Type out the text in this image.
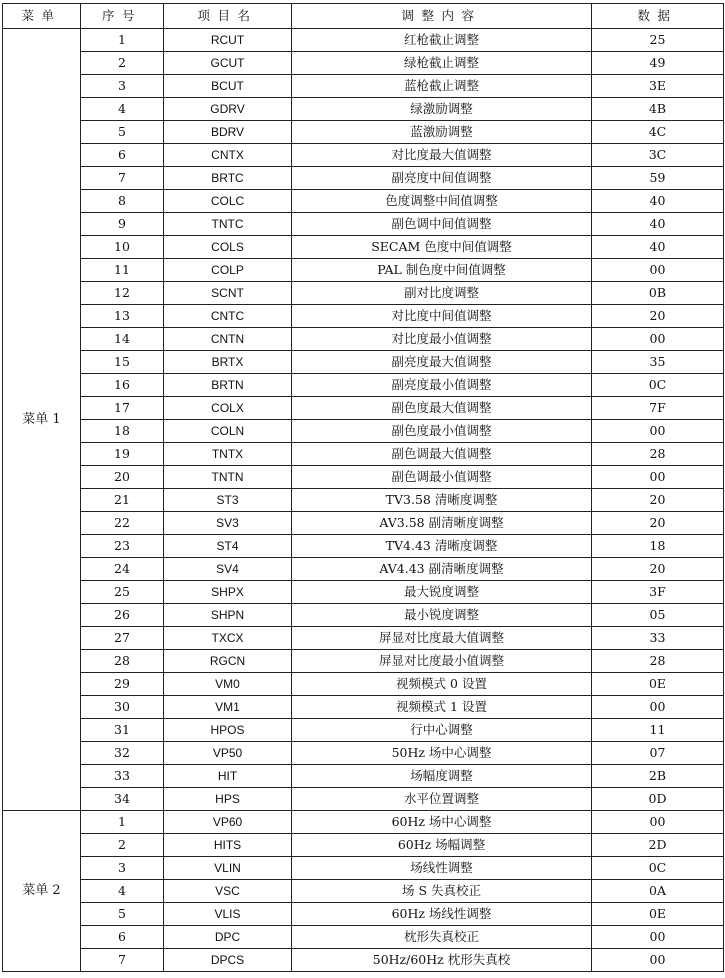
菜单	序号	项目名	调整内容	数据
菜单 1	1	RCUT	红枪截止调整	25
	2	GCUT	绿枪截止调整	49
	3	BCUT	蓝枪截止调整	3E
	4	GDRV	绿激励调整	4B
	5	BDRV	蓝激励调整	4C
	6	CNTX	对比度最大值调整	3C
	7	BRTC	副亮度中间值调整	59
	8	COLC	色度调整中间值调整	40
	9	TNTC	副色调中间值调整	40
	10	COLS	SECAM 色度中间值调整	40
	11	COLP	PAL 制色度中间值调整	00
	12	SCNT	副对比度调整	0B
	13	CNTC	对比度中间值调整	20
	14	CNTN	对比度最小值调整	00
	15	BRTX	副亮度最大值调整	35
	16	BRTN	副亮度最小值调整	0C
	17	COLX	副色度最大值调整	7F
	18	COLN	副色度最小值调整	00
	19	TNTX	副色调最大值调整	28
	20	TNTN	副色调最小值调整	00
	21	ST3	TV3.58 清晰度调整	20
	22	SV3	AV3.58 副清晰度调整	20
	23	ST4	TV4.43 清晰度调整	18
	24	SV4	AV4.43 副清晰度调整	20
	25	SHPX	最大锐度调整	3F
	26	SHPN	最小锐度调整	05
	27	TXCX	屏显对比度最大值调整	33
	28	RGCN	屏显对比度最小值调整	28
	29	VM0	视频模式 0 设置	0E
	30	VM1	视频模式 1 设置	00
	31	HPOS	行中心调整	11
	32	VP50	50Hz 场中心调整	07
	33	HIT	场幅度调整	2B
	34	HPS	水平位置调整	0D
菜单 2	1	VP60	60Hz 场中心调整	00
	2	HITS	60Hz 场幅调整	2D
	3	VLIN	场线性调整	0C
	4	VSC	场 S 失真校正	0A
	5	VLIS	60Hz 场线性调整	0E
	6	DPC	枕形失真校正	00
	7	DPCS	50Hz/60Hz 枕形失真校	00
